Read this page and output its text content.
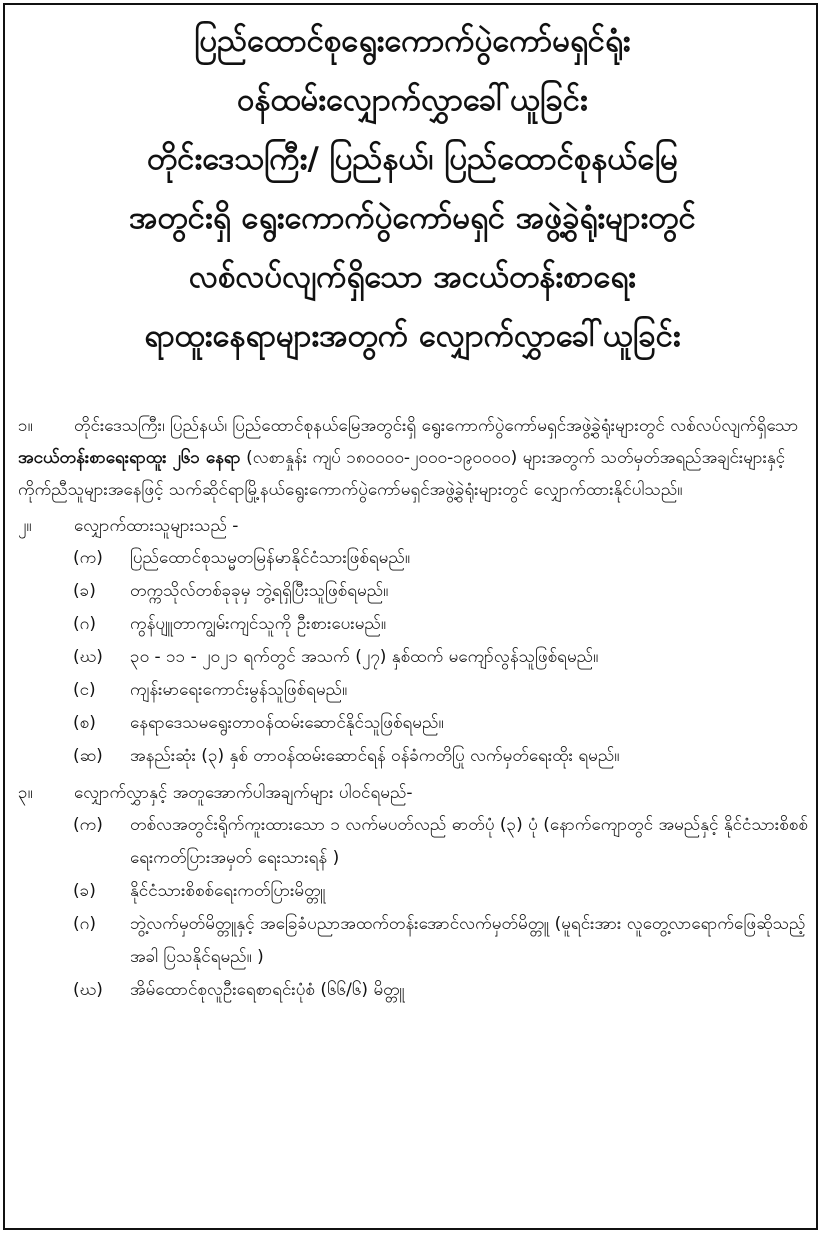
ပြည်ထောင်စုရွေးကောက်ပွဲကော်မရှင်ရုံး
ဝန်ထမ်းလျှောက်လွှာခေါ်ယူခြင်း
တိုင်းဒေသကြီး/ ပြည်နယ်၊ ပြည်ထောင်စုနယ်မြေ
အတွင်းရှိ ရွေးကောက်ပွဲကော်မရှင် အဖွဲ့ခွဲရုံးများတွင်
လစ်လပ်လျက်ရှိသော အငယ်တန်းစာရေး
ရာထူးနေရာများအတွက် လျှောက်လွှာခေါ်ယူခြင်း
၁။ တိုင်းဒေသကြီး၊ ပြည်နယ်၊ ပြည်ထောင်စုနယ်မြေအတွင်းရှိ ရွေးကောက်ပွဲကော်မရှင်အဖွဲ့ခွဲရုံးများတွင် လစ်လပ်လျက်ရှိသော အငယ်တန်းစာရေးရာထူး ၂၆၁ နေရာ (လစာနှုန်း ကျပ် ၁၈၀၀၀၀-၂၀၀၀-၁၉၀၀၀၀) များအတွက် သတ်မှတ်အရည်အချင်းများနှင့် ကိုက်ညီသူများအနေဖြင့် သက်ဆိုင်ရာမြို့နယ်ရွေးကောက်ပွဲကော်မရှင်အဖွဲ့ခွဲရုံးများတွင် လျှောက်ထားနိုင်ပါသည်။
၂။	လျှောက်ထားသူများသည် -
(က) ပြည်ထောင်စုသမ္မတမြန်မာနိုင်ငံသားဖြစ်ရမည်။
(ခ) တက္ကသိုလ်တစ်ခုခုမှ ဘွဲ့ရရှိပြီးသူဖြစ်ရမည်။
(ဂ) ကွန်ပျူတာကျွမ်းကျင်သူကို ဦးစားပေးမည်။
(ဃ) ၃၀ - ၁၁ - ၂၀၂၁ ရက်တွင် အသက် (၂၇) နှစ်ထက် မကျော်လွန်သူဖြစ်ရမည်။
(င) ကျန်းမာရေးကောင်းမွန်သူဖြစ်ရမည်။
(စ) နေရာဒေသမရွေးတာဝန်ထမ်းဆောင်နိုင်သူဖြစ်ရမည်။
(ဆ) အနည်းဆုံး (၃) နှစ် တာဝန်ထမ်းဆောင်ရန် ဝန်ခံကတိပြု လက်မှတ်ရေးထိုး ရမည်။
၃။ လျှောက်လွှာနှင့် အတူအောက်ပါအချက်များ ပါဝင်ရမည်-
(က) တစ်လအတွင်းရိုက်ကူးထားသော ၁ လက်မပတ်လည် ဓာတ်ပုံ (၃) ပုံ (နောက်ကျောတွင် အမည်နှင့် နိုင်ငံသားစိစစ်ရေးကတ်ပြားအမှတ် ရေးသားရန် )
(ခ) နိုင်ငံသားစိစစ်ရေးကတ်ပြားမိတ္တူ
(ဂ) ဘွဲ့လက်မှတ်မိတ္တူနှင့် အခြေခံပညာအထက်တန်းအောင်လက်မှတ်မိတ္တူ (မူရင်းအား လူတွေ့လာရောက်ဖြေဆိုသည့်အခါ ပြသနိုင်ရမည်။ )
(ဃ) အိမ်ထောင်စုလူဦးရေစာရင်းပုံစံ (၆၆/၆) မိတ္တူ
